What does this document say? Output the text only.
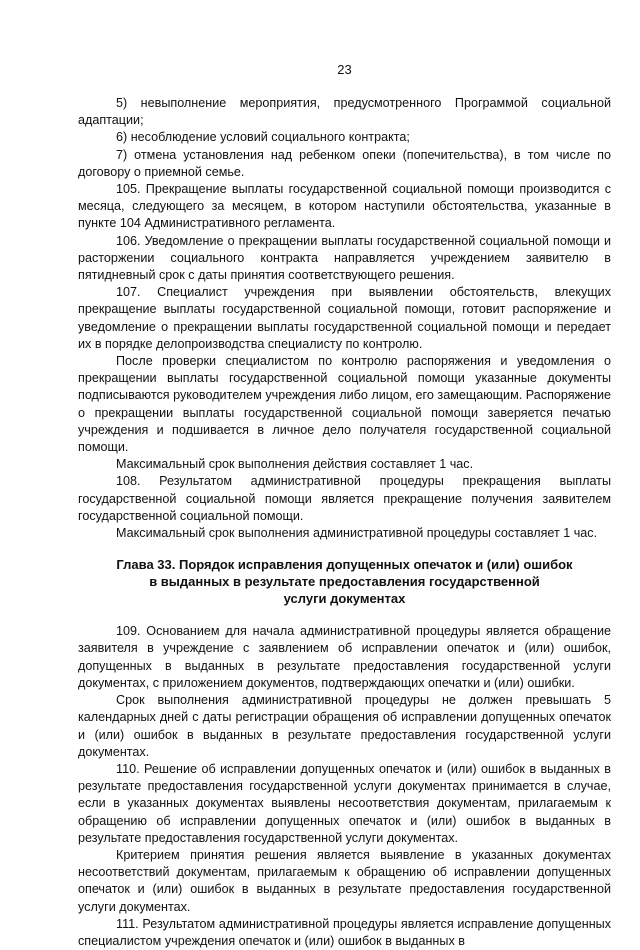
23

5) невыполнение мероприятия, предусмотренного Программой социальной адаптации;

6) несоблюдение условий социального контракта;

7) отмена установления над ребенком опеки (попечительства), в том числе по договору о приемной семье.

105. Прекращение выплаты государственной социальной помощи производится с месяца, следующего за месяцем, в котором наступили обстоятельства, указанные в пункте 104 Административного регламента.

106. Уведомление о прекращении выплаты государственной социальной помощи и расторжении социального контракта направляется учреждением заявителю в пятидневный срок с даты принятия соответствующего решения.

107. Специалист учреждения при выявлении обстоятельств, влекущих прекращение выплаты государственной социальной помощи, готовит распоряжение и уведомление о прекращении выплаты государственной социальной помощи и передает их в порядке делопроизводства специалисту по контролю.

После проверки специалистом по контролю распоряжения и уведомления о прекращении выплаты государственной социальной помощи указанные документы подписываются руководителем учреждения либо лицом, его замещающим. Распоряжение о прекращении выплаты государственной социальной помощи заверяется печатью учреждения и подшивается в личное дело получателя государственной социальной помощи.

Максимальный срок выполнения действия составляет 1 час.

108. Результатом административной процедуры прекращения выплаты государственной социальной помощи является прекращение получения заявителем государственной социальной помощи.

Максимальный срок выполнения административной процедуры составляет 1 час.

Глава 33. Порядок исправления допущенных опечаток и (или) ошибок
в выданных в результате предоставления государственной
услуги документах

109. Основанием для начала административной процедуры является обращение заявителя в учреждение с заявлением об исправлении опечаток и (или) ошибок, допущенных в выданных в результате предоставления государственной услуги документах, с приложением документов, подтверждающих опечатки и (или) ошибки.

Срок выполнения административной процедуры не должен превышать 5 календарных дней с даты регистрации обращения об исправлении допущенных опечаток и (или) ошибок в выданных в результате предоставления государственной услуги документах.

110. Решение об исправлении допущенных опечаток и (или) ошибок в выданных в результате предоставления государственной услуги документах принимается в случае, если в указанных документах выявлены несоответствия документам, прилагаемым к обращению об исправлении допущенных опечаток и (или) ошибок в выданных в результате предоставления государственной услуги документах.

Критерием принятия решения является выявление в указанных документах несоответствий документам, прилагаемым к обращению об исправлении допущенных опечаток и (или) ошибок в выданных в результате предоставления государственной услуги документах.

111. Результатом административной процедуры является исправление допущенных специалистом учреждения опечаток и (или) ошибок в выданных в
